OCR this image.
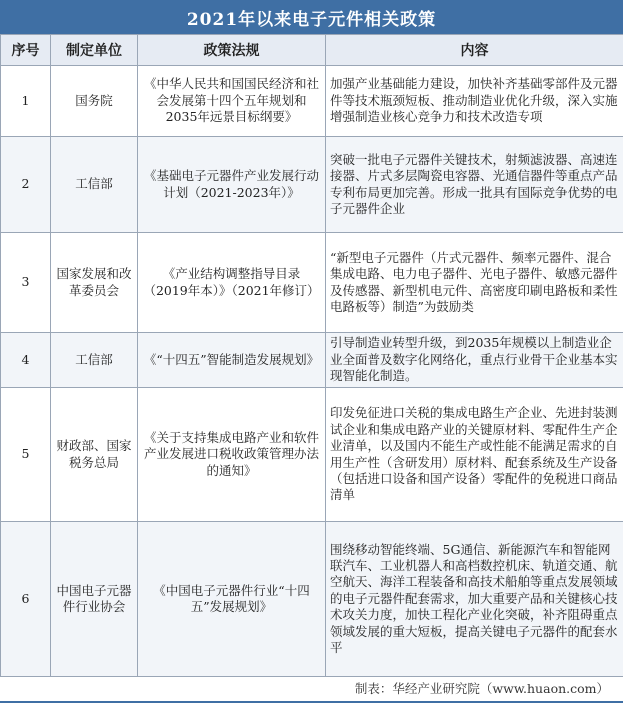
2021年以来电子元件相关政策
序号	制定单位	政策法规	内容
1	国务院	《中华人民共和国国民经济和社会发展第十四个五年规划和2035年远景目标纲要》	加强产业基础能力建设，加快补齐基础零部件及元器件等技术瓶颈短板、推动制造业优化升级，深入实施增强制造业核心竞争力和技术改造专项
2	工信部	《基础电子元器件产业发展行动计划（2021-2023年）》	突破一批电子元器件关键技术，射频滤波器、高速连接器、片式多层陶瓷电容器、光通信器件等重点产品专利布局更加完善。形成一批具有国际竞争优势的电子元器件企业
3	国家发展和改革委员会	《产业结构调整指导目录（2019年本）》（2021年修订）	“新型电子元器件（片式元器件、频率元器件、混合集成电路、电力电子器件、光电子器件、敏感元器件及传感器、新型机电元件、高密度印刷电路板和柔性电路板等）制造”为鼓励类
4	工信部	《“十四五”智能制造发展规划》	引导制造业转型升级，到2035年规模以上制造业企业全面普及数字化网络化，重点行业骨干企业基本实现智能化制造。
5	财政部、国家税务总局	《关于支持集成电路产业和软件产业发展进口税收政策管理办法的通知》	印发免征进口关税的集成电路生产企业、先进封装测试企业和集成电路产业的关键原材料、零配件生产企业清单，以及国内不能生产或性能不能满足需求的自用生产性（含研发用）原材料、配套系统及生产设备（包括进口设备和国产设备）零配件的免税进口商品清单
6	中国电子元器件行业协会	《中国电子元器件行业“十四五”发展规划》	围绕移动智能终端、5G通信、新能源汽车和智能网联汽车、工业机器人和高档数控机床、轨道交通、航空航天、海洋工程装备和高技术船舶等重点发展领域的电子元器件配套需求，加大重要产品和关键核心技术攻关力度，加快工程化产业化突破，补齐阻碍重点领域发展的重大短板，提高关键电子元器件的配套水平
制表：华经产业研究院（www.huaon.com）
